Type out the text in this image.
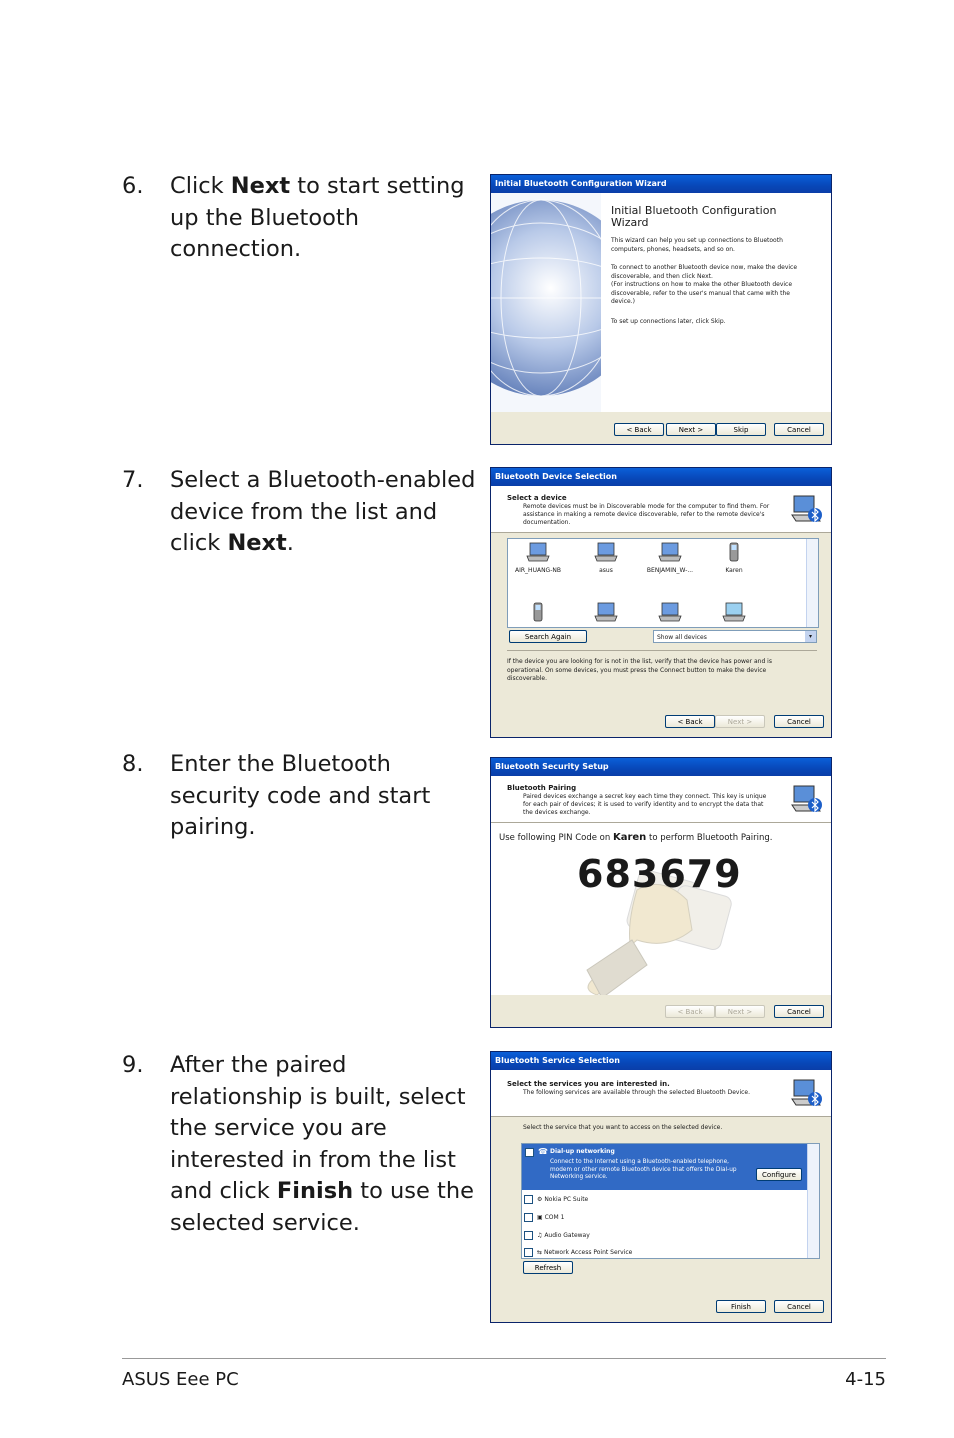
6. Click Next to start setting up the Bluetooth connection.
7. Select a Bluetooth-enabled device from the list and click Next.
8. Enter the Bluetooth security code and start pairing.
9. After the paired relationship is built, select the service you are interested in from the list and click Finish to use the selected service.
Initial Bluetooth Configuration Wizard
Initial Bluetooth Configuration Wizard
This wizard can help you set up connections to Bluetooth computers, phones, headsets, and so on.
To connect to another Bluetooth device now, make the device discoverable, and then click Next.
(For instructions on how to make the other Bluetooth device discoverable, refer to the user's manual that came with the device.)
To set up connections later, click Skip.
< Back	Next >	Skip	Cancel
Bluetooth Device Selection
Select a device
Remote devices must be in Discoverable mode for the computer to find them. For assistance in making a remote device discoverable, refer to the remote device's documentation.
AIR_HUANG-NB	asus	BENJAMIN_W-...	Karen
Search Again	Show all devices	▾
If the device you are looking for is not in the list, verify that the device has power and is operational. On some devices, you must press the Connect button to make the device discoverable.
< Back	Next >	Cancel
Bluetooth Security Setup
Bluetooth Pairing
Paired devices exchange a secret key each time they connect. This key is unique for each pair of devices; it is used to verify identity and to encrypt the data that the devices exchange.
Use following PIN Code on Karen to perform Bluetooth Pairing.
683679
< Back	Next >	Cancel
Bluetooth Service Selection
Select the services you are interested in.
The following services are available through the selected Bluetooth Device.
Select the service that you want to access on the selected device.
☎ Dial-up networking
Connect to the Internet using a Bluetooth-enabled telephone, modem or other remote Bluetooth device that offers the Dial-up Networking service.	Configure
⚙ Nokia PC Suite
▣ COM 1
♫ Audio Gateway
⇆ Network Access Point Service
Refresh
Finish	Cancel
ASUS Eee PC	4-15
